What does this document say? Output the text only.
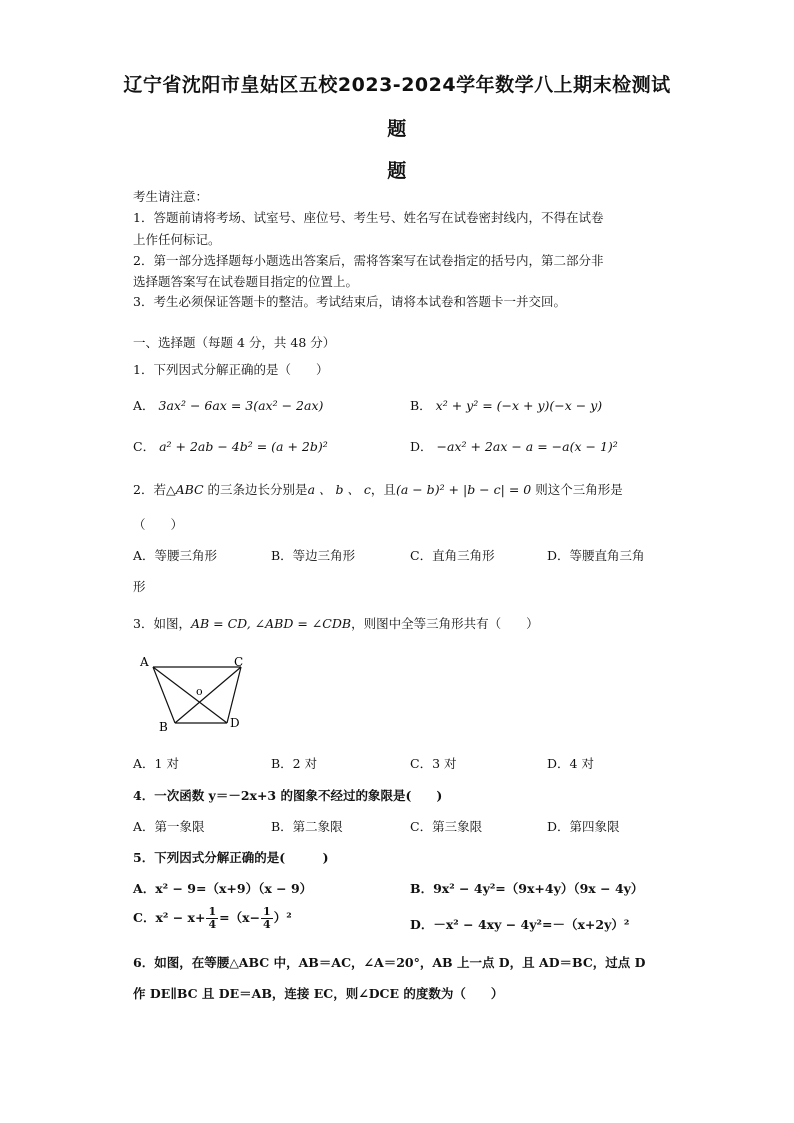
辽宁省沈阳市皇姑区五校2023-2024学年数学八上期末检测试
题
题
考生请注意：
1．答题前请将考场、试室号、座位号、考生号、姓名写在试卷密封线内，不得在试卷
上作任何标记。
2．第一部分选择题每小题选出答案后，需将答案写在试卷指定的括号内，第二部分非
选择题答案写在试卷题目指定的位置上。
3．考生必须保证答题卡的整洁。考试结束后，请将本试卷和答题卡一并交回。
一、选择题（每题 4 分，共 48 分）
1．下列因式分解正确的是（　　）
A． 3ax² − 6ax = 3(ax² − 2ax)	B． x² + y² = (−x + y)(−x − y)
C． a² + 2ab − 4b² = (a + 2b)²	D． −ax² + 2ax − a = −a(x − 1)²
2．若△ABC 的三条边长分别是a 、 b 、 c，且(a − b)² + |b − c| = 0 则这个三角形是
（　　）
A．等腰三角形	B．等边三角形	C．直角三角形	D．等腰直角三角
形
3．如图，AB = CD, ∠ABD = ∠CDB，则图中全等三角形共有（　　）
A	C
B	D
o
A．1 对	B．2 对	C．3 对	D．4 对
4．一次函数 y＝－2x+3 的图象不经过的象限是(　　)
A．第一象限	B．第二象限	C．第三象限	D．第四象限
5．下列因式分解正确的是(　　　)
A．x² − 9=（x+9）（x − 9）	B．9x² − 4y²=（9x+4y）（9x − 4y）
C．$x^2 - x+ \frac{1}{4} =(x- \frac{1}{4} )^2$	D．－x² − 4xy − 4y²=－（x+2y）²
6．如图，在等腰△ABC 中，AB＝AC，∠A＝20°，AB 上一点 D，且 AD＝BC，过点 D
作 DE∥BC 且 DE＝AB，连接 EC，则∠DCE 的度数为（　　）
